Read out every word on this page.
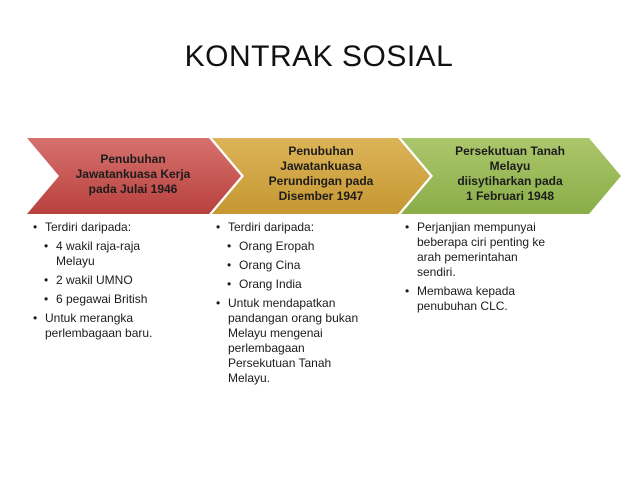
KONTRAK SOSIAL
Penubuhan
Jawatankuasa Kerja
pada Julai 1946
Penubuhan
Jawatankuasa
Perundingan pada
Disember 1947
Persekutuan Tanah
Melayu
diisytiharkan pada
1 Februari 1948
• Terdiri daripada:
• 4 wakil raja-raja
Melayu
• 2 wakil UMNO
• 6 pegawai British
• Untuk merangka
perlembagaan baru.
• Terdiri daripada:
• Orang Eropah
• Orang Cina
• Orang India
• Untuk mendapatkan
pandangan orang bukan
Melayu mengenai
perlembagaan
Persekutuan Tanah
Melayu.
• Perjanjian mempunyai
beberapa ciri penting ke
arah pemerintahan
sendiri.
• Membawa kepada
penubuhan CLC.
